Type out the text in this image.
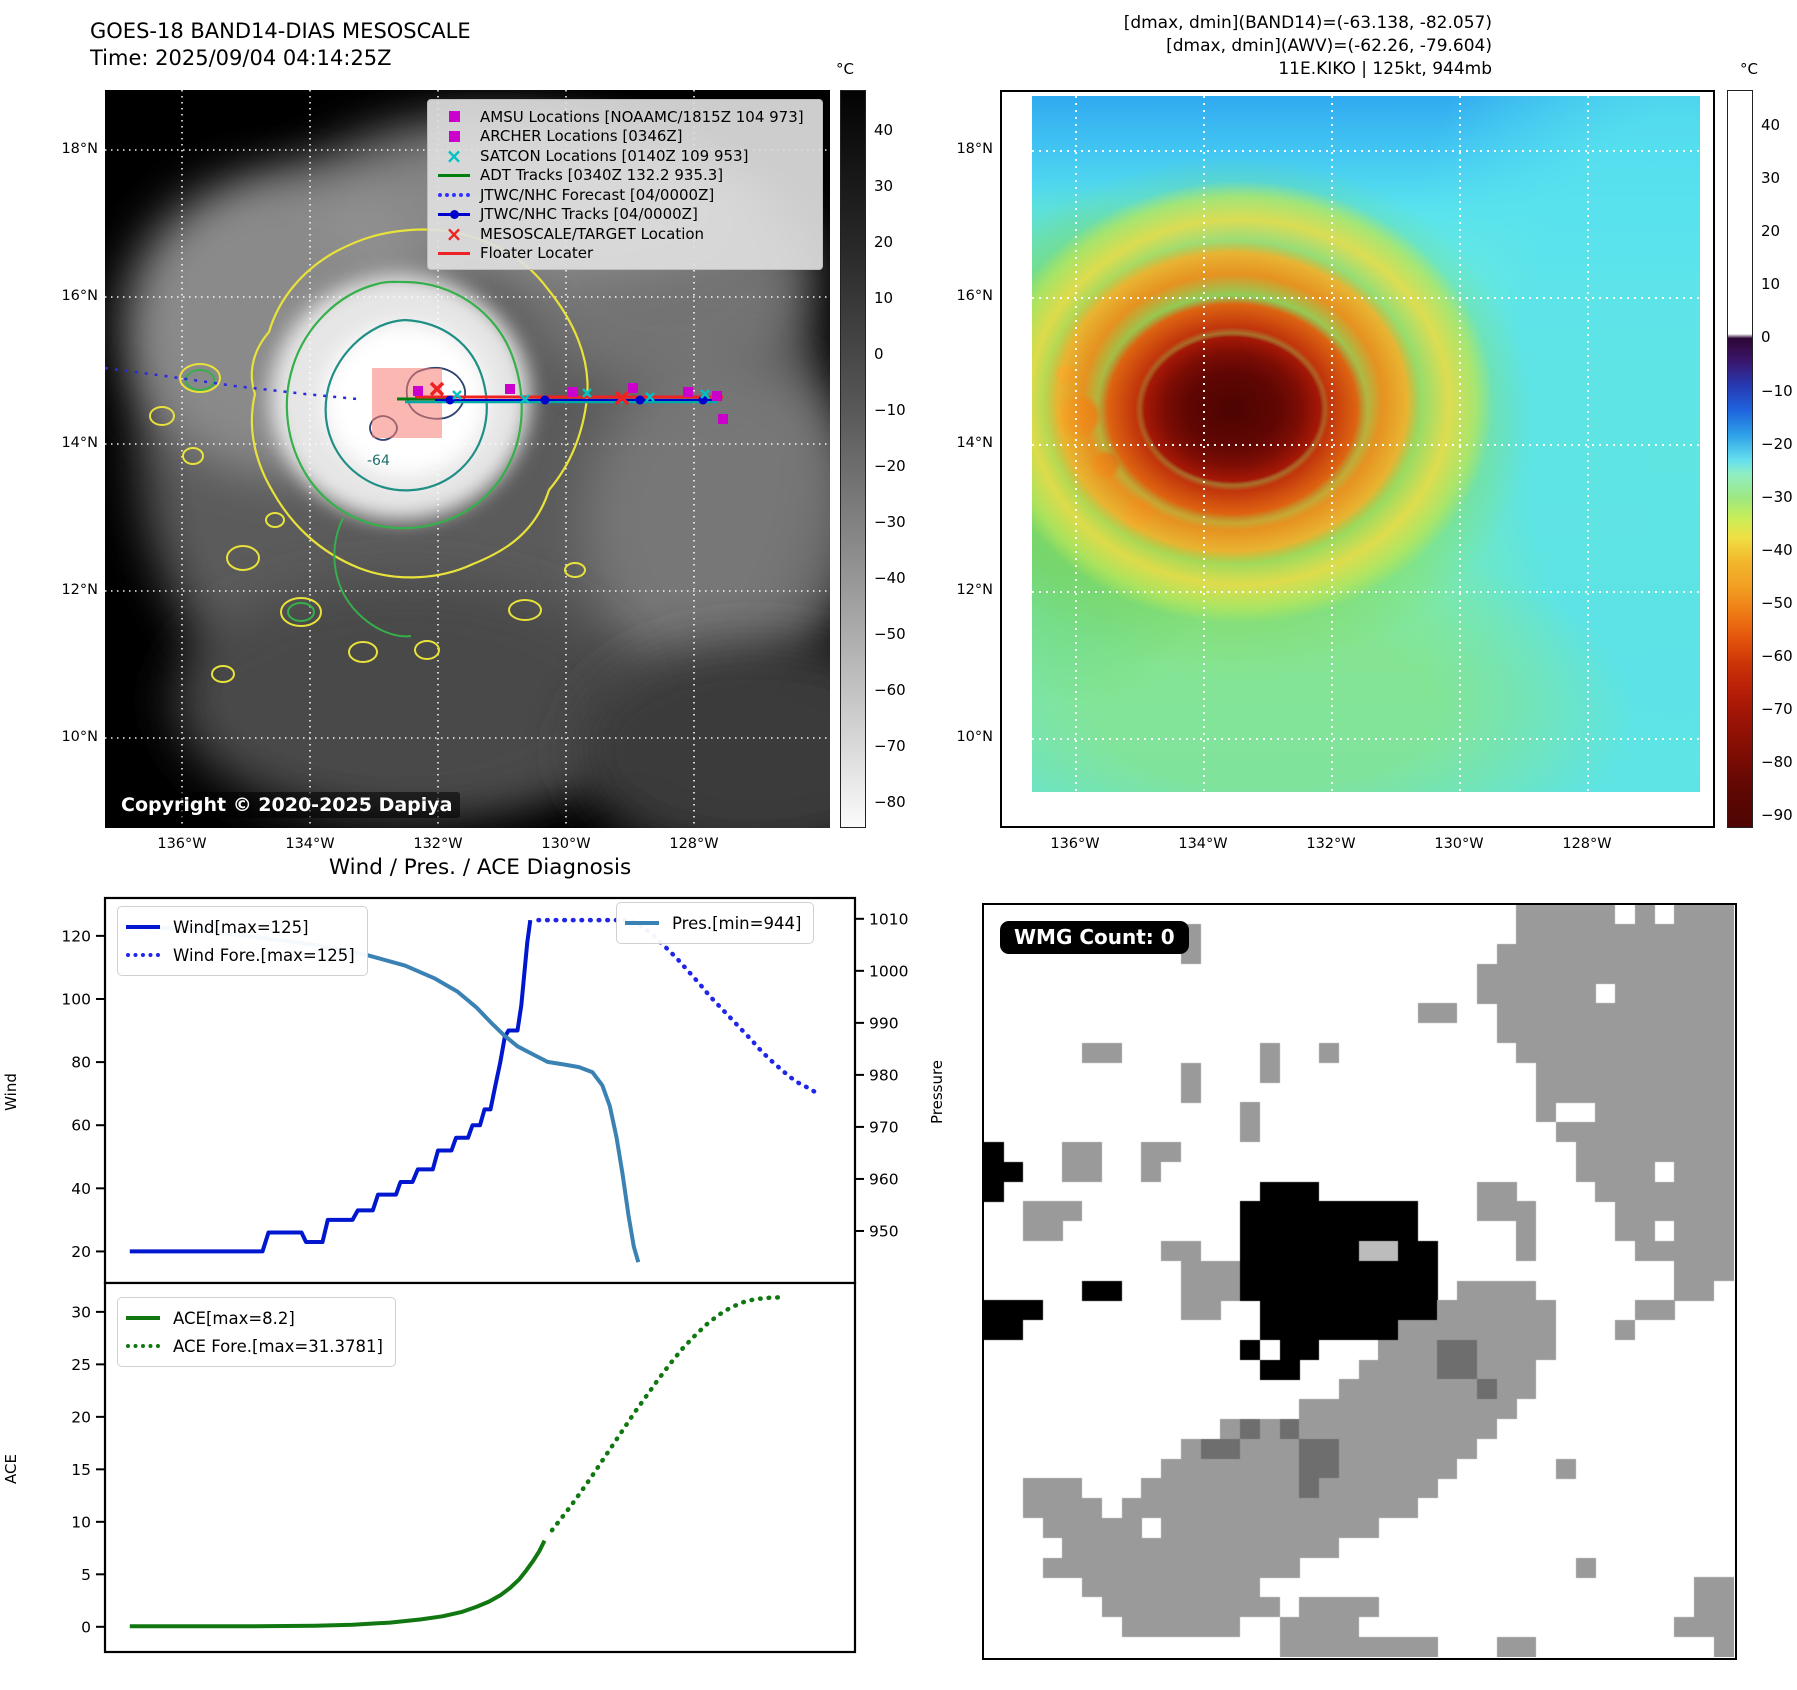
GOES-18 BAND14-DIAS MESOSCALE
Time: 2025/09/04 04:14:25Z
-64
AMSU Locations [NOAAMC/1815Z 104 973]
ARCHER Locations [0346Z]
× SATCON Locations [0140Z 109 953]
ADT Tracks [0340Z 132.2 935.3]
JTWC/NHC Forecast [04/0000Z]
JTWC/NHC Tracks [04/0000Z]
× MESOSCALE/TARGET Location
Floater Locater
Copyright © 2020-2025 Dapiya
°C
[dmax, dmin](BAND14)=(-63.138, -82.057)
[dmax, dmin](AWV)=(-62.26, -79.604)
11E.KIKO | 125kt, 944mb	°C
Wind / Pres. / ACE Diagnosis
20
40
60
80
100
120
950
960
970
980
990
1000
1010
0
5
10
15
20
25
30
Wind	Pressure
ACE
Wind[max=125]
Wind Fore.[max=125]
Pres.[min=944]
ACE[max=8.2]
ACE Fore.[max=31.3781]
WMG Count: 0
18°N
16°N
14°N
12°N
10°N
18°N
16°N
14°N
12°N
10°N
136°W	134°W	132°W	130°W	128°W	136°W	134°W	132°W	130°W	128°W
40
30
20
10
0
−10
−20
−30
−40
−50
−60
−70
−80
40
30
20
10
0
−10
−20
−30
−40
−50
−60
−70
−80
−90
